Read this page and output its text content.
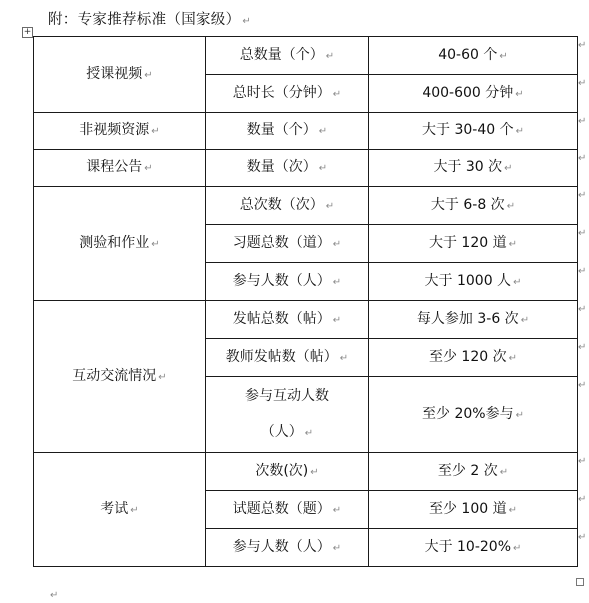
附：专家推荐标准（国家级） ↵
+
授课视频 ↵	总数量（个） ↵	40-60 个 ↵
	总时长（分钟） ↵	400-600 分钟 ↵
非视频资源 ↵	数量（个） ↵	大于 30-40 个 ↵
课程公告 ↵	数量（次） ↵	大于 30 次 ↵
测验和作业 ↵	总次数（次） ↵	大于 6-8 次 ↵
	习题总数（道） ↵	大于 120 道 ↵
	参与人数（人） ↵	大于 1000 人 ↵
互动交流情况 ↵	发帖总数（帖） ↵	每人参加 3-6 次 ↵
	教师发帖数（帖） ↵	至少 120 次 ↵
	参与互动人数
（人） ↵	至少 20%参与 ↵
考试 ↵	次数(次) ↵	至少 2 次 ↵
	试题总数（题） ↵	至少 100 道 ↵
	参与人数（人） ↵	大于 10-20% ↵
↵
↵
↵
↵
↵
↵
↵
↵
↵
↵
↵
↵
↵
↵
